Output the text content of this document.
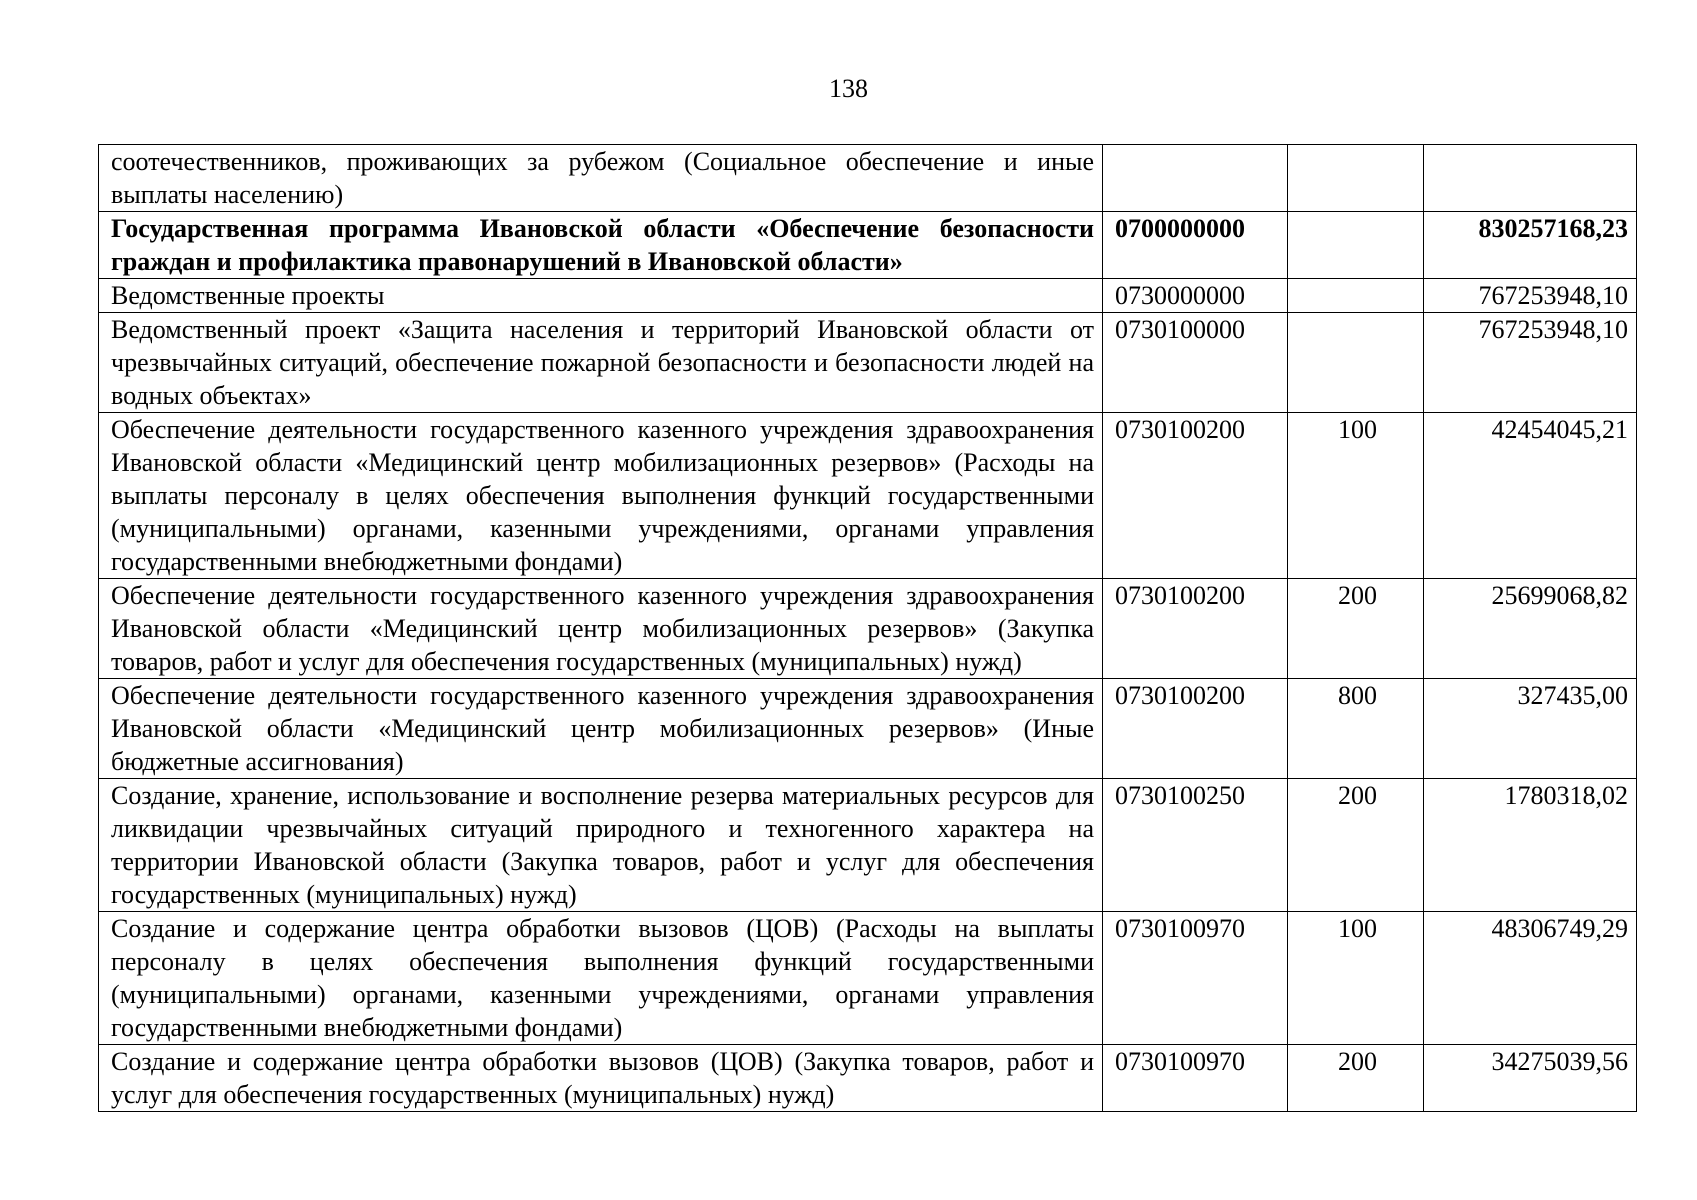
138
соотечественников, проживающих за рубежом (Социальное обеспечение и иные выплаты населению)			
Государственная программа Ивановской области «Обеспечение безопасности граждан и профилактика правонарушений в Ивановской области»	0700000000		830257168,23
Ведомственные проекты	0730000000		767253948,10
Ведомственный проект «Защита населения и территорий Ивановской области от чрезвычайных ситуаций, обеспечение пожарной безопасности и безопасности людей на водных объектах»	0730100000		767253948,10
Обеспечение деятельности государственного казенного учреждения здравоохранения Ивановской области «Медицинский центр мобилизационных резервов» (Расходы на выплаты персоналу в целях обеспечения выполнения функций государственными (муниципальными) органами, казенными учреждениями, органами управления государственными внебюджетными фондами)	0730100200	100	42454045,21
Обеспечение деятельности государственного казенного учреждения здравоохранения Ивановской области «Медицинский центр мобилизационных резервов» (Закупка товаров, работ и услуг для обеспечения государственных (муниципальных) нужд)	0730100200	200	25699068,82
Обеспечение деятельности государственного казенного учреждения здравоохранения Ивановской области «Медицинский центр мобилизационных резервов» (Иные бюджетные ассигнования)	0730100200	800	327435,00
Создание, хранение, использование и восполнение резерва материальных ресурсов для ликвидации чрезвычайных ситуаций природного и техногенного характера на территории Ивановской области (Закупка товаров, работ и услуг для обеспечения государственных (муниципальных) нужд)	0730100250	200	1780318,02
Создание и содержание центра обработки вызовов (ЦОВ) (Расходы на выплаты персоналу в целях обеспечения выполнения функций государственными (муниципальными) органами, казенными учреждениями, органами управления государственными внебюджетными фондами)	0730100970	100	48306749,29
Создание и содержание центра обработки вызовов (ЦОВ) (Закупка товаров, работ и услуг для обеспечения государственных (муниципальных) нужд)	0730100970	200	34275039,56
